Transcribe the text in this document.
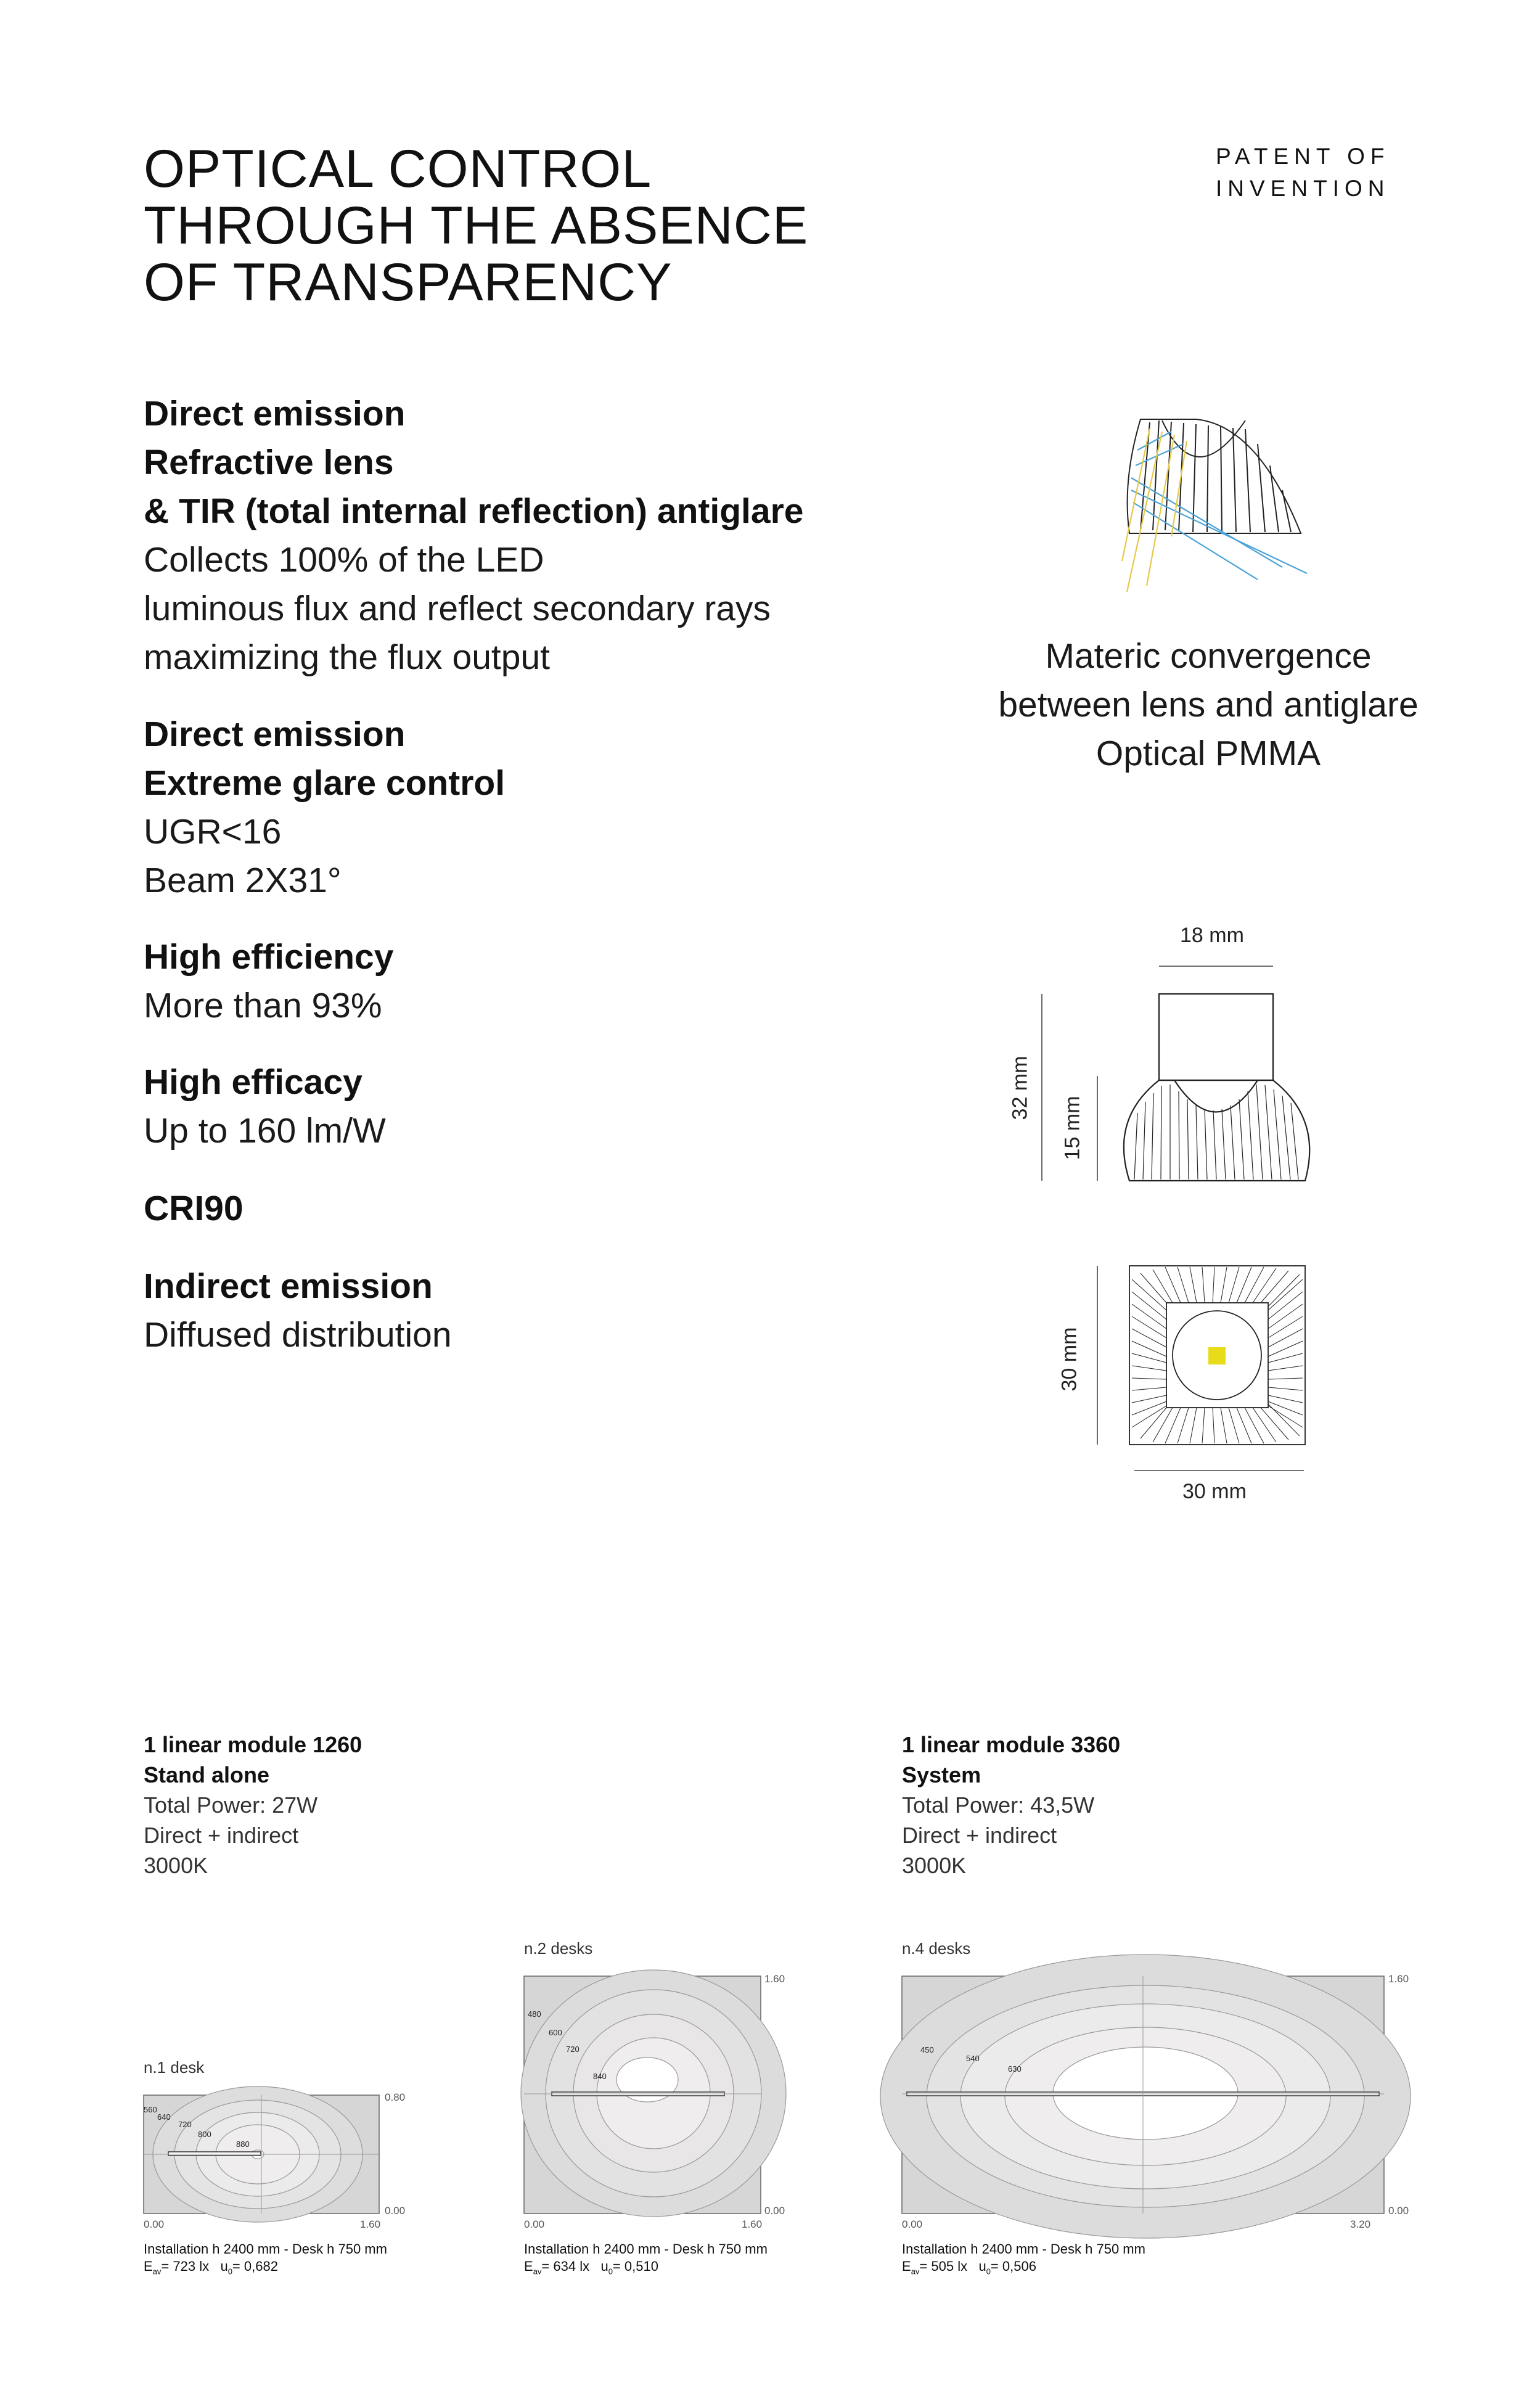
OPTICAL CONTROL
THROUGH THE ABSENCE
OF TRANSPARENCY
PATENT OF
INVENTION
Direct emission
Refractive lens
& TIR (total internal reflection) antiglare
Collects 100% of the LED
luminous flux and reflect secondary rays
maximizing the flux output
Direct emission
Extreme glare control
UGR<16
Beam 2X31°
High efficiency
More than 93%
High efficacy
Up to 160 lm/W
CRI90
Indirect emission
Diffused distribution
Materic convergence
between lens and antiglare
Optical PMMA
18 mm
32 mm
15 mm
30 mm
30 mm
1 linear module 1260
Stand alone
Total Power: 27W
Direct + indirect
3000K
1 linear module 3360
System
Total Power: 43,5W
Direct + indirect
3000K
n.1 desk
560
640
720
800
880
0.80
0.00
0.00	1.60
Installation h 2400 mm - Desk h 750 mm
$E_{av}= 723$ lx $u_0= 0,682$
n.2 desks
480
600
720
840
1.60
0.00
0.00	1.60
Installation h 2400 mm - Desk h 750 mm
$E_{av}= 634$ lx $u_0= 0,510$
n.4 desks
450
540
630
1.60
0.00
0.00	3.20
Installation h 2400 mm - Desk h 750 mm
$E_{av}= 505$ lx $u_0= 0,506$
